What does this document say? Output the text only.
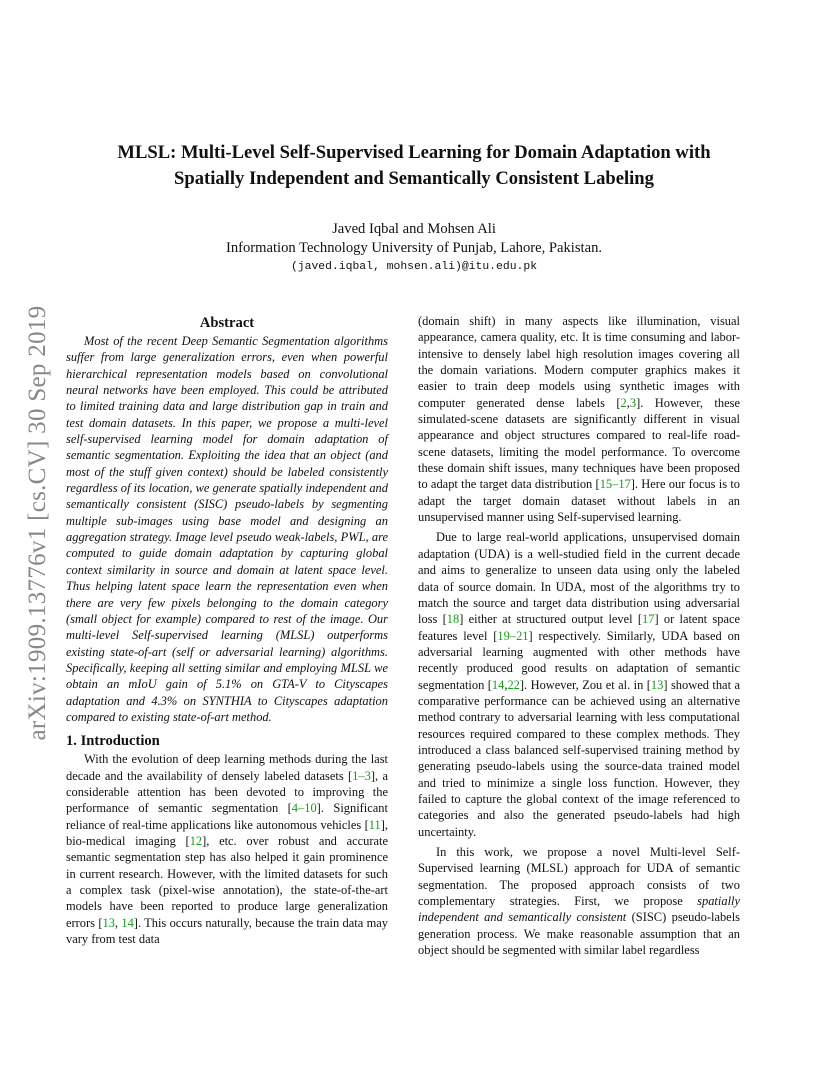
arXiv:1909.13776v1 [cs.CV] 30 Sep 2019
MLSL: Multi-Level Self-Supervised Learning for Domain Adaptation with
Spatially Independent and Semantically Consistent Labeling
Javed Iqbal and Mohsen Ali
Information Technology University of Punjab, Lahore, Pakistan.
(javed.iqbal, mohsen.ali)@itu.edu.pk
Abstract

Most of the recent Deep Semantic Segmentation algorithms suffer from large generalization errors, even when powerful hierarchical representation models based on convolutional neural networks have been employed. This could be attributed to limited training data and large distribution gap in train and test domain datasets. In this paper, we propose a multi-level self-supervised learning model for domain adaptation of semantic segmentation. Exploiting the idea that an object (and most of the stuff given context) should be labeled consistently regardless of its location, we generate spatially independent and semantically consistent (SISC) pseudo-labels by segmenting multiple sub-images using base model and designing an aggregation strategy. Image level pseudo weak-labels, PWL, are computed to guide domain adaptation by capturing global context similarity in source and domain at latent space level. Thus helping latent space learn the representation even when there are very few pixels belonging to the domain category (small object for example) compared to rest of the image. Our multi-level Self-supervised learning (MLSL) outperforms existing state-of-art (self or adversarial learning) algorithms. Specifically, keeping all setting similar and employing MLSL we obtain an mIoU gain of 5.1% on GTA-V to Cityscapes adaptation and 4.3% on SYNTHIA to Cityscapes adaptation compared to existing state-of-art method.

1. Introduction

With the evolution of deep learning methods during the last decade and the availability of densely labeled datasets [1–3], a considerable attention has been devoted to improving the performance of semantic segmentation [4–10]. Significant reliance of real-time applications like autonomous vehicles [11], bio-medical imaging [12], etc. over robust and accurate semantic segmentation step has also helped it gain prominence in current research. However, with the limited datasets for such a complex task (pixel-wise annotation), the state-of-the-art models have been reported to produce large generalization errors [13, 14]. This occurs naturally, because the train data may vary from test data

(domain shift) in many aspects like illumination, visual appearance, camera quality, etc. It is time consuming and labor-intensive to densely label high resolution images covering all the domain variations. Modern computer graphics makes it easier to train deep models using synthetic images with computer generated dense labels [2,3]. However, these simulated-scene datasets are significantly different in visual appearance and object structures compared to real-life road-scene datasets, limiting the model performance. To overcome these domain shift issues, many techniques have been proposed to adapt the target data distribution [15–17]. Here our focus is to adapt the target domain dataset without labels in an unsupervised manner using Self-supervised learning.

Due to large real-world applications, unsupervised domain adaptation (UDA) is a well-studied field in the current decade and aims to generalize to unseen data using only the labeled data of source domain. In UDA, most of the algorithms try to match the source and target data distribution using adversarial loss [18] either at structured output level [17] or latent space features level [19–21] respectively. Similarly, UDA based on adversarial learning augmented with other methods have recently produced good results on adaptation of semantic segmentation [14,22]. However, Zou et al. in [13] showed that a comparative performance can be achieved using an alternative method contrary to adversarial learning with less computational resources required compared to these complex methods. They introduced a class balanced self-supervised training method by generating pseudo-labels using the source-data trained model and tried to minimize a single loss function. However, they failed to capture the global context of the image referenced to categories and also the generated pseudo-labels had high uncertainty.

In this work, we propose a novel Multi-level Self-Supervised learning (MLSL) approach for UDA of semantic segmentation. The proposed approach consists of two complementary strategies. First, we propose spatially independent and semantically consistent (SISC) pseudo-labels generation process. We make reasonable assumption that an object should be segmented with similar label regardless
